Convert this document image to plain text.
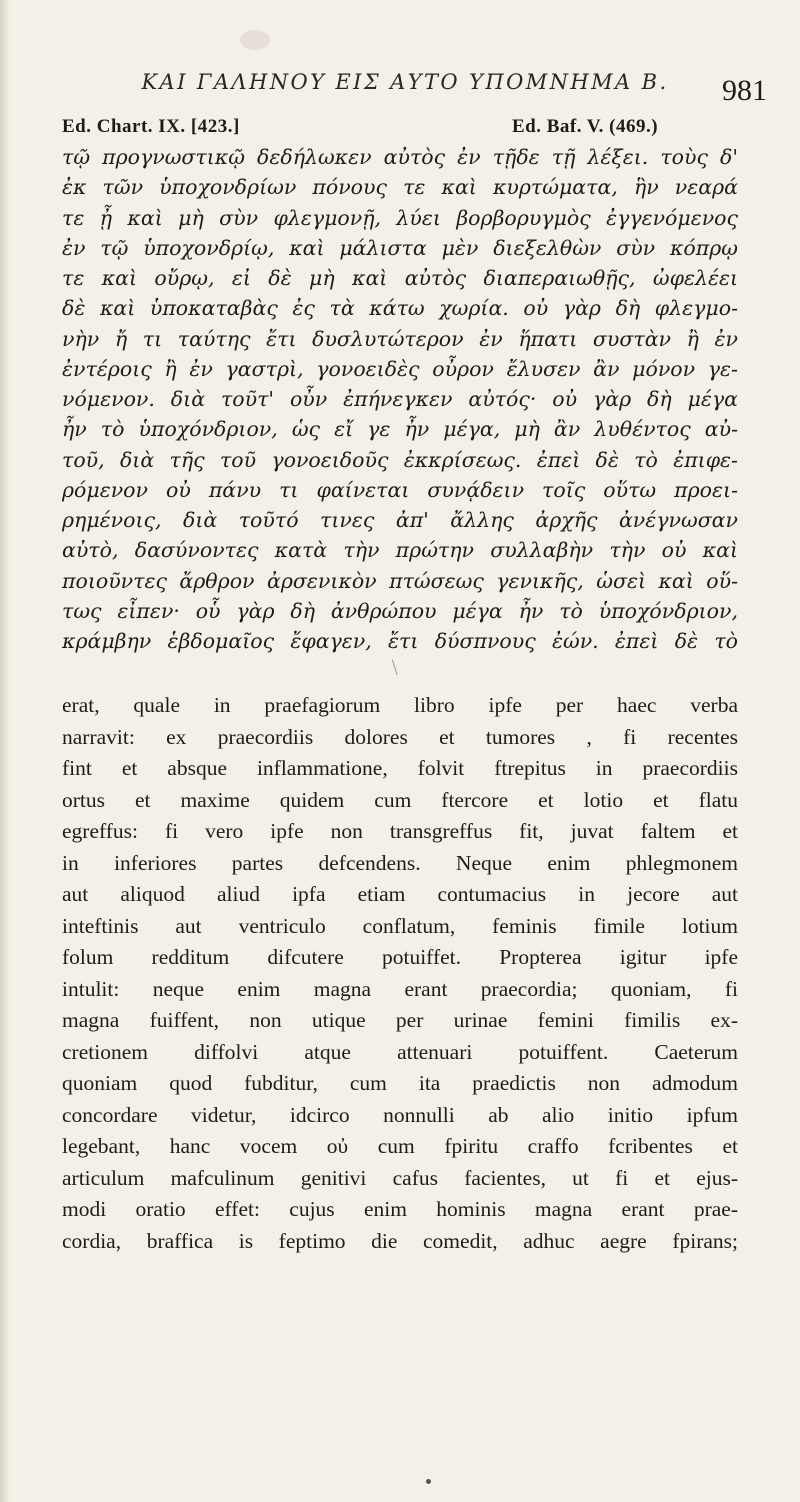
ΚΑΙ ΓΑΛΗΝΟΥ ΕΙΣ ΑΥΤΟ ΥΠΟΜΝΗΜΑ Β.	981
Ed. Chart. IX. [423.]	Ed. Baf. V. (469.)
τῷ προγνωστικῷ δεδήλωκεν αὐτὸς ἐν τῇδε τῇ λέξει. τοὺς δ'
ἐκ τῶν ὑποχονδρίων πόνους τε καὶ κυρτώματα, ἣν νεαρά
τε ᾖ καὶ μὴ σὺν φλεγμονῇ, λύει βορβορυγμὸς ἐγγενόμενος
ἐν τῷ ὑποχονδρίῳ, καὶ μάλιστα μὲν διεξελθὼν σὺν κόπρῳ
τε καὶ οὔρῳ, εἰ δὲ μὴ καὶ αὐτὸς διαπεραιωθῇς, ὠφελέει
δὲ καὶ ὑποκαταβὰς ἐς τὰ κάτω χωρία. οὐ γὰρ δὴ φλεγμο-
νὴν ἤ τι ταύτης ἔτι δυσλυτώτερον ἐν ἥπατι συστὰν ἢ ἐν
ἐντέροις ἢ ἐν γαστρὶ, γονοειδὲς οὖρον ἔλυσεν ἂν μόνον γε-
νόμενον. διὰ τοῦτ' οὖν ἐπήνεγκεν αὐτός· οὐ γὰρ δὴ μέγα
ἦν τὸ ὑποχόνδριον, ὡς εἴ γε ἦν μέγα, μὴ ἂν λυθέντος αὐ-
τοῦ, διὰ τῆς τοῦ γονοειδοῦς ἐκκρίσεως. ἐπεὶ δὲ τὸ ἐπιφε-
ρόμενον οὐ πάνυ τι φαίνεται συνᾴδειν τοῖς οὕτω προει-
ρημένοις, διὰ τοῦτό τινες ἀπ' ἄλλης ἀρχῆς ἀνέγνωσαν
αὐτὸ, δασύνοντες κατὰ τὴν πρώτην συλλαβὴν τὴν οὐ καὶ
ποιοῦντες ἄρθρον ἀρσενικὸν πτώσεως γενικῆς, ὡσεὶ καὶ οὕ-
τως εἶπεν· οὗ γὰρ δὴ ἀνθρώπου μέγα ἦν τὸ ὑποχόνδριον,
κράμβην ἑβδομαῖος ἔφαγεν, ἔτι δύσπνους ἐών. ἐπεὶ δὲ τὸ
erat, quale in praefagiorum libro ipfe per haec verba
narravit: ex praecordiis dolores et tumores , fi recentes
fint et absque inflammatione, folvit ftrepitus in praecordiis
ortus et maxime quidem cum ftercore et lotio et flatu
egreffus: fi vero ipfe non transgreffus fit, juvat faltem et
in inferiores partes defcendens. Neque enim phlegmonem
aut aliquod aliud ipfa etiam contumacius in jecore aut
inteftinis aut ventriculo conflatum, feminis fimile lotium
folum redditum difcutere potuiffet. Propterea igitur ipfe
intulit: neque enim magna erant praecordia; quoniam, fi
magna fuiffent, non utique per urinae femini fimilis ex-
cretionem diffolvi atque attenuari potuiffent. Caeterum
quoniam quod fubditur, cum ita praedictis non admodum
concordare videtur, idcirco nonnulli ab alio initio ipfum
legebant, hanc vocem οὐ cum fpiritu craffo fcribentes et
articulum mafculinum genitivi cafus facientes, ut fi et ejus-
modi oratio effet: cujus enim hominis magna erant prae-
cordia, braffica is feptimo die comedit, adhuc aegre fpirans;
